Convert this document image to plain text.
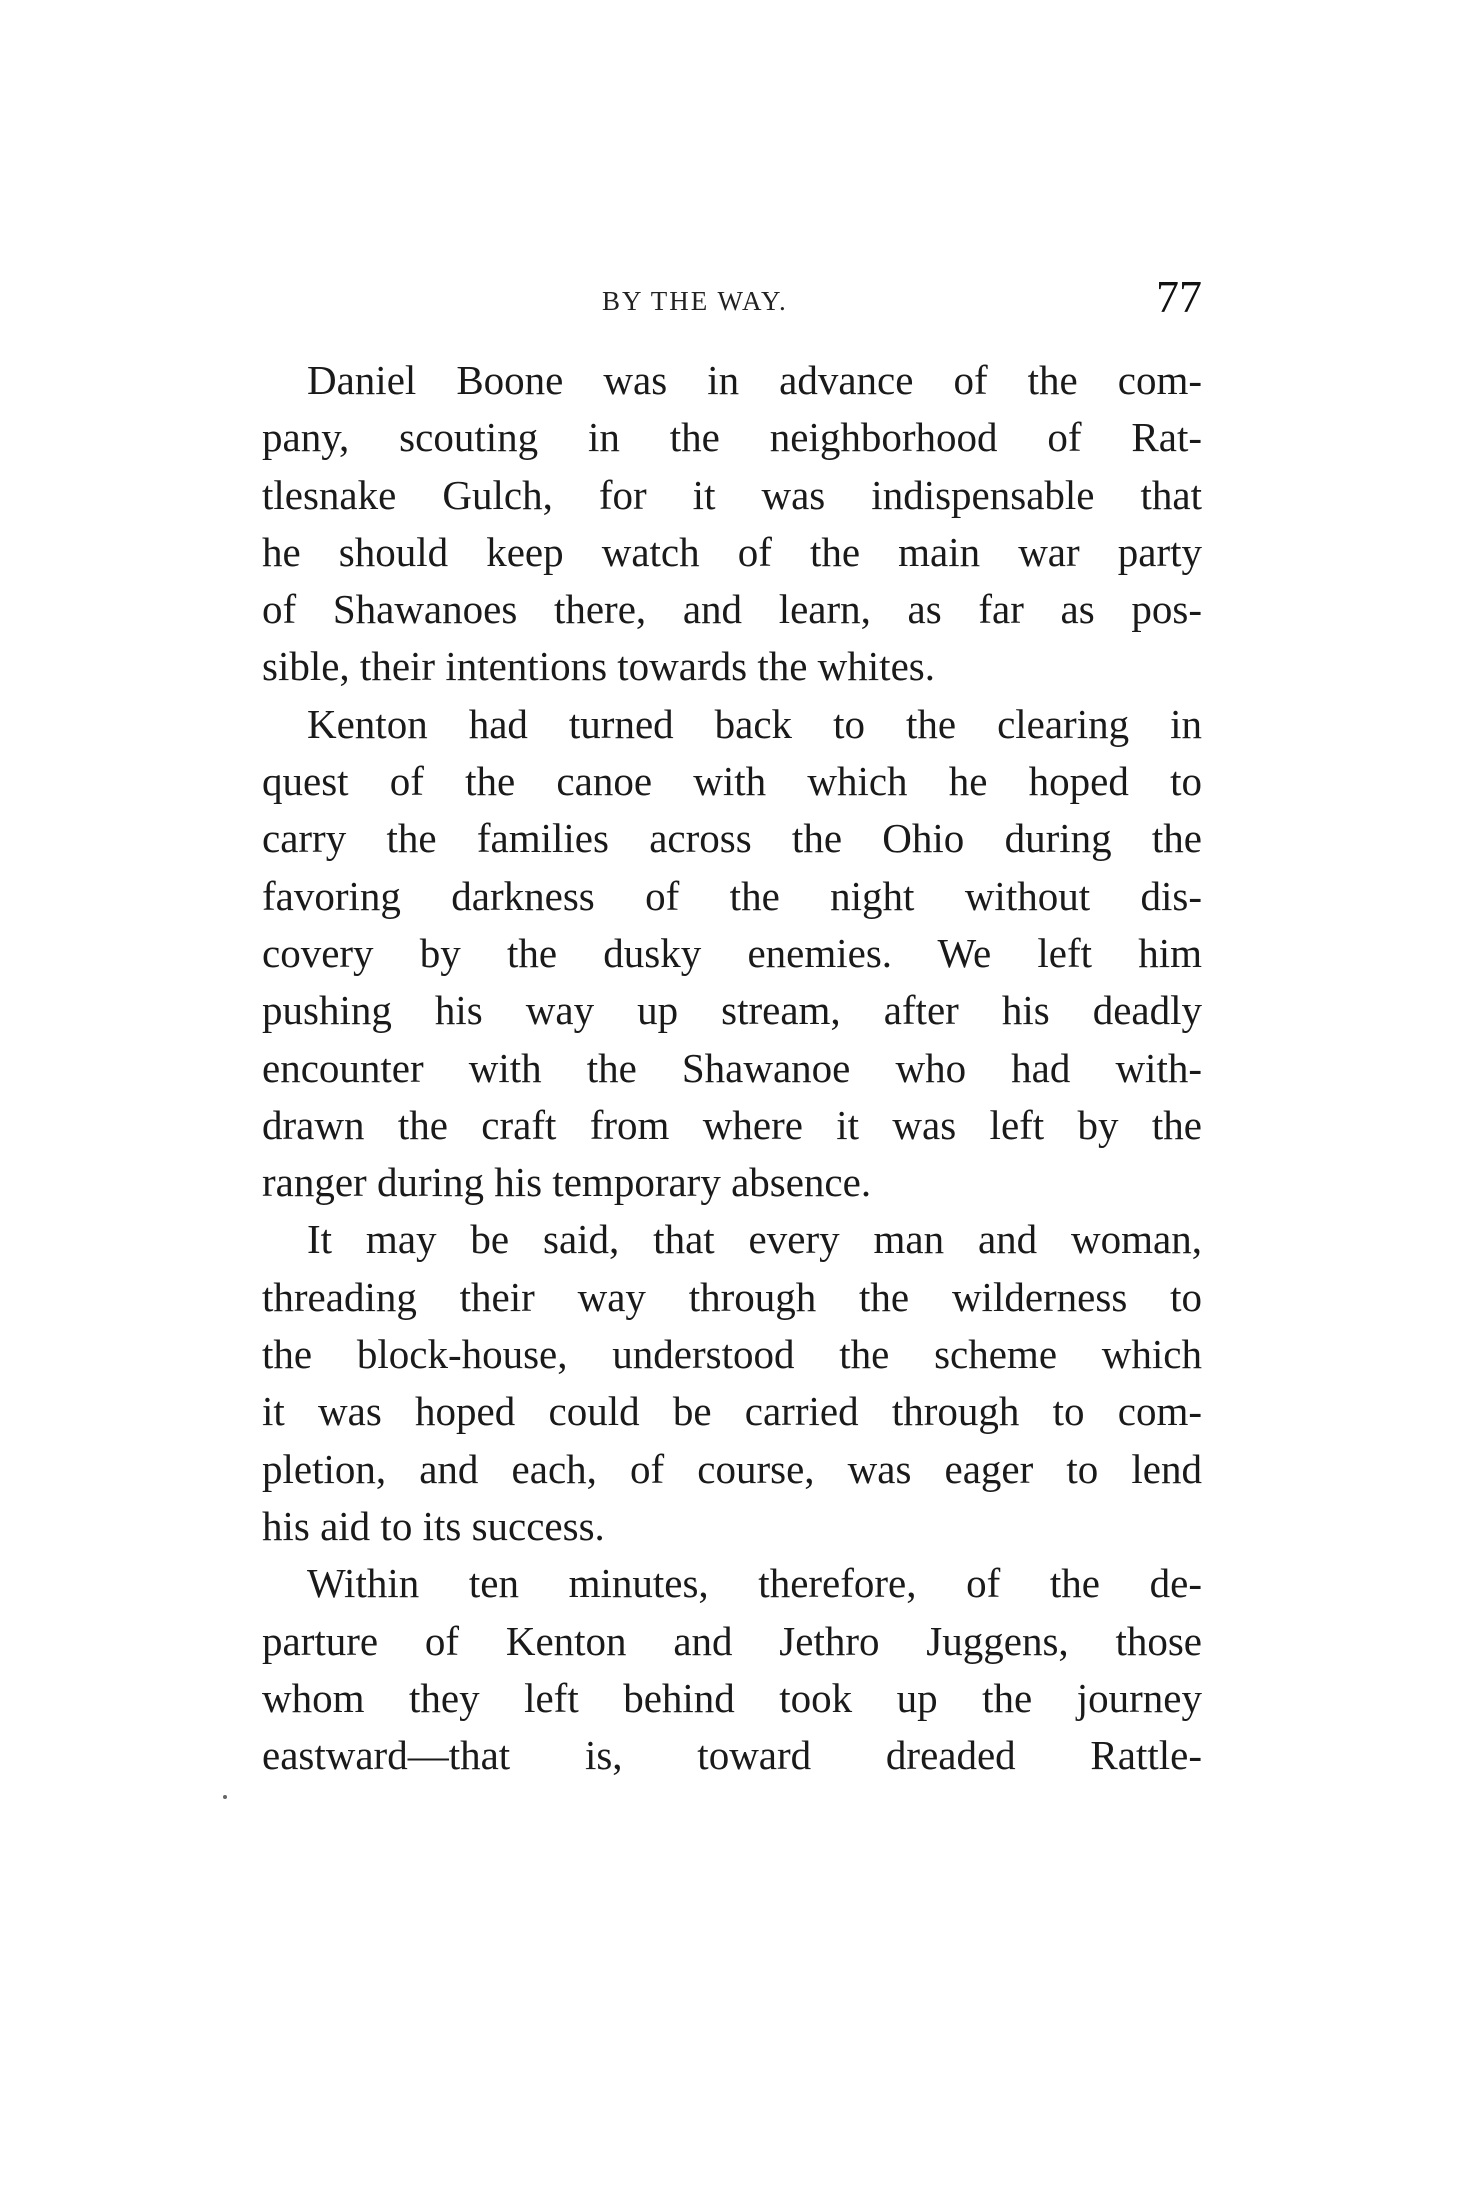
BY THE WAY.	77
Daniel Boone was in advance of the com-
pany, scouting in the neighborhood of Rat-
tlesnake Gulch, for it was indispensable that
he should keep watch of the main war party
of Shawanoes there, and learn, as far as pos-
sible, their intentions towards the whites.
Kenton had turned back to the clearing in
quest of the canoe with which he hoped to
carry the families across the Ohio during the
favoring darkness of the night without dis-
covery by the dusky enemies. We left him
pushing his way up stream, after his deadly
encounter with the Shawanoe who had with-
drawn the craft from where it was left by the
ranger during his temporary absence.
It may be said, that every man and woman,
threading their way through the wilderness to
the block-house, understood the scheme which
it was hoped could be carried through to com-
pletion, and each, of course, was eager to lend
his aid to its success.
Within ten minutes, therefore, of the de-
parture of Kenton and Jethro Juggens, those
whom they left behind took up the journey
eastward—that is, toward dreaded Rattle-
